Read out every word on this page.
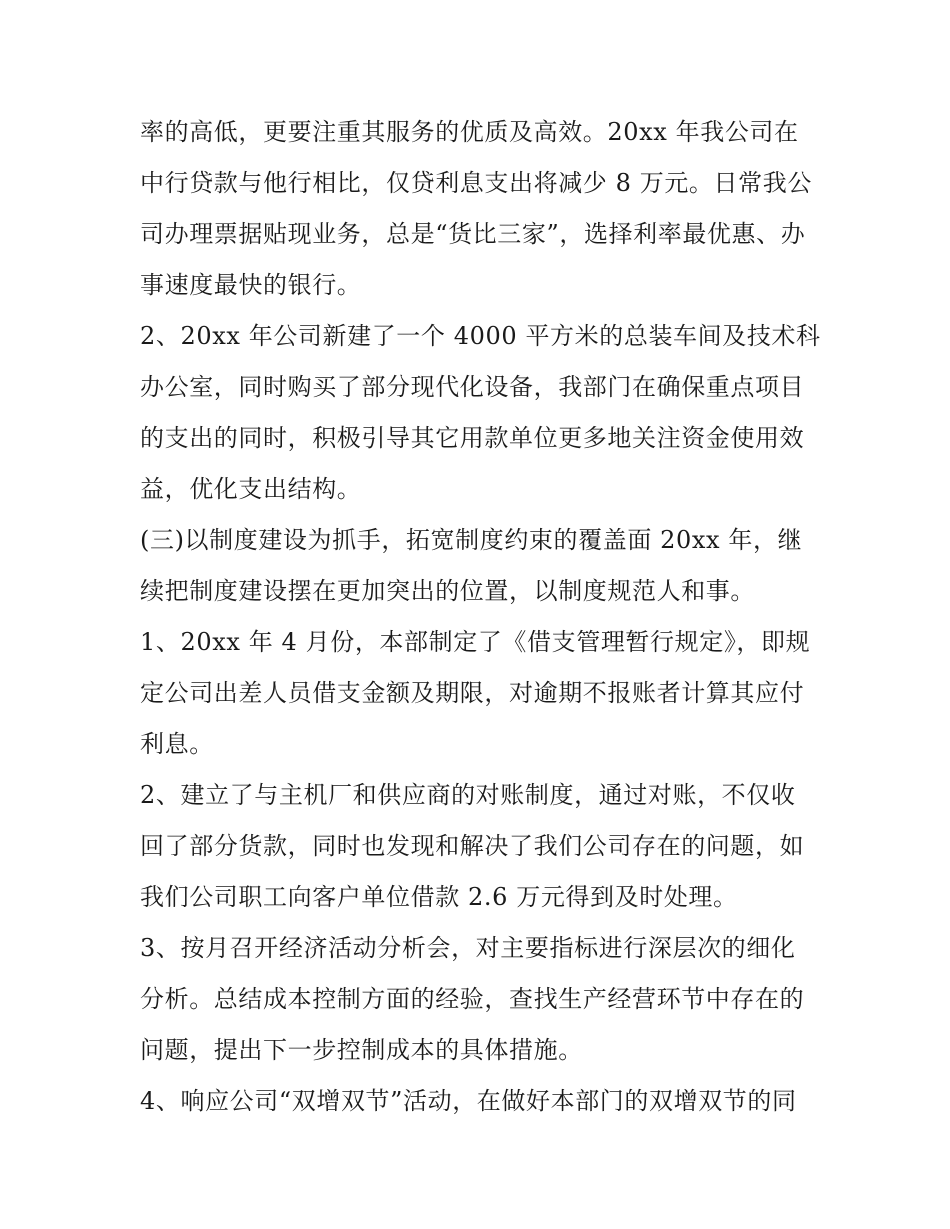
率的高低，更要注重其服务的优质及高效。20xx 年我公司在
中行贷款与他行相比，仅贷利息支出将减少 8 万元。日常我公
司办理票据贴现业务，总是“货比三家”，选择利率最优惠、办
事速度最快的银行。
2、20xx 年公司新建了一个 4000 平方米的总装车间及技术科
办公室，同时购买了部分现代化设备，我部门在确保重点项目
的支出的同时，积极引导其它用款单位更多地关注资金使用效
益，优化支出结构。
(三)以制度建设为抓手，拓宽制度约束的覆盖面 20xx 年，继
续把制度建设摆在更加突出的位置，以制度规范人和事。
1、20xx 年 4 月份，本部制定了《借支管理暂行规定》，即规
定公司出差人员借支金额及期限，对逾期不报账者计算其应付
利息。
2、建立了与主机厂和供应商的对账制度，通过对账，不仅收
回了部分货款，同时也发现和解决了我们公司存在的问题，如
我们公司职工向客户单位借款 2.6 万元得到及时处理。
3、按月召开经济活动分析会，对主要指标进行深层次的细化
分析。总结成本控制方面的经验，查找生产经营环节中存在的
问题，提出下一步控制成本的具体措施。
4、响应公司“双增双节”活动，在做好本部门的双增双节的同
